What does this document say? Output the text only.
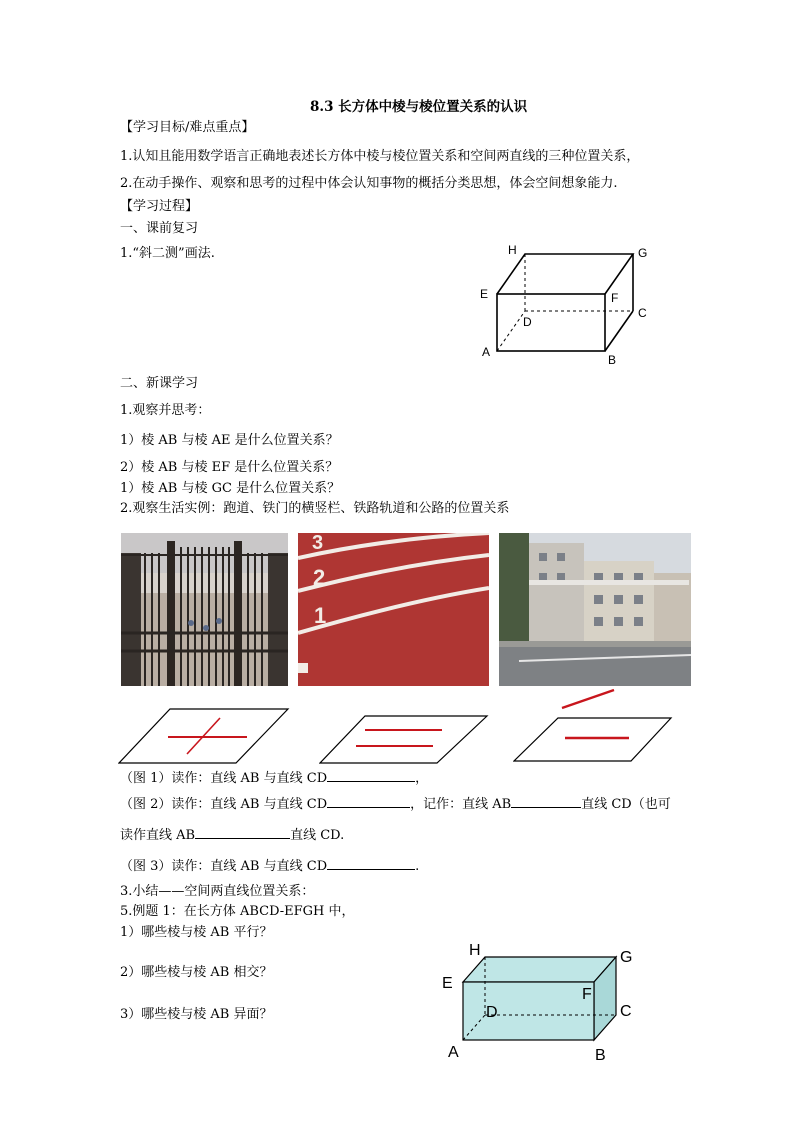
8.3 长方体中棱与棱位置关系的认识
【学习目标/难点重点】
1.认知且能用数学语言正确地表述长方体中棱与棱位置关系和空间两直线的三种位置关系，
2.在动手操作、观察和思考的过程中体会认知事物的概括分类思想，体会空间想象能力.
【学习过程】
一、课前复习
1.“斜二测”画法.	H	G
E	F
D
C
A
B
二、新课学习
1.观察并思考：
1）棱 AB 与棱 AE 是什么位置关系？
2）棱 AB 与棱 EF 是什么位置关系？
1）棱 AB 与棱 GC 是什么位置关系？
2.观察生活实例：跑道、铁门的横竖栏、铁路轨道和公路的位置关系
3
2
1
（图 1）读作：直线 AB 与直线 CD	，
（图 2）读作：直线 AB 与直线 CD	，记作：直线 AB	直线 CD（也可
读作直线 AB	直线 CD.
（图 3）读作：直线 AB 与直线 CD	.
3.小结——空间两直线位置关系：
5.例题 1：在长方体 ABCD-EFGH 中，
1）哪些棱与棱 AB 平行？
2）哪些棱与棱 AB 相交？
3）哪些棱与棱 AB 异面？
H	G
E
F
D	C
A	B
